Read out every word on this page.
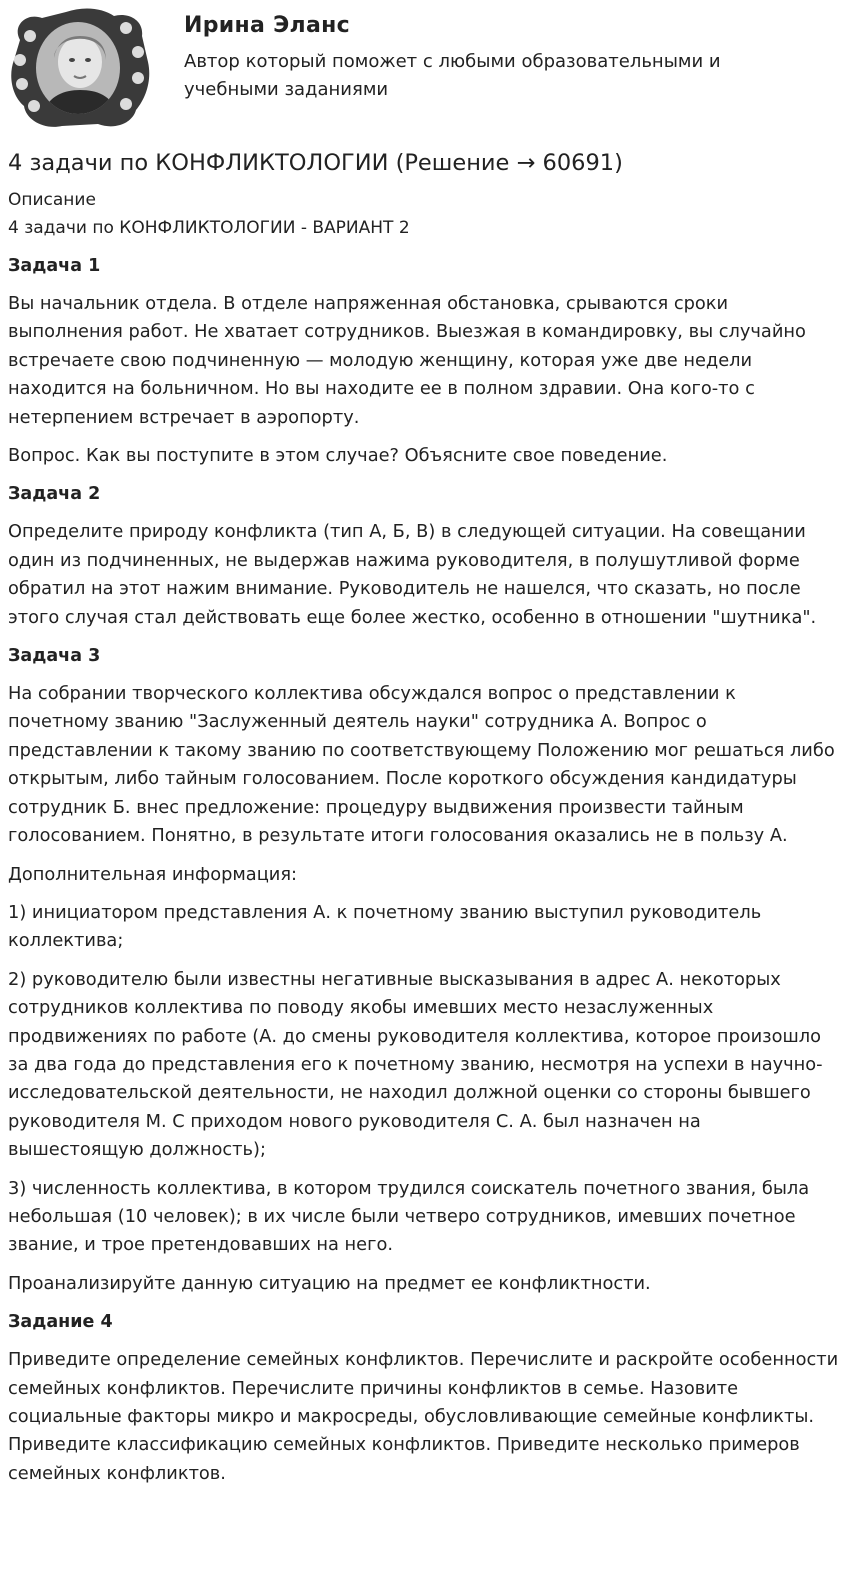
Ирина Эланс

Автор который поможет с любыми образовательными и учебными заданиями

4 задачи по КОНФЛИКТОЛОГИИ (Решение → 60691)

Описание

4 задачи по КОНФЛИКТОЛОГИИ - ВАРИАНТ 2

Задача 1

Вы начальник отдела. В отделе напряженная обстановка, срываются сроки выполнения работ. Не хватает сотрудников. Выезжая в командировку, вы случайно встречаете свою подчиненную — молодую женщину, которая уже две недели находится на больничном. Но вы находите ее в полном здравии. Она кого-то с нетерпением встречает в аэропорту.

Вопрос. Как вы поступите в этом случае? Объясните свое поведение.

Задача 2

Определите природу конфликта (тип А, Б, В) в следующей ситуации. На совещании один из подчиненных, не выдержав нажима руководителя, в полушутливой форме обратил на этот нажим внимание. Руководитель не нашелся, что сказать, но после этого случая стал действовать еще более жестко, особенно в отношении "шутника".

Задача 3

На собрании творческого коллектива обсуждался вопрос о представлении к почетному званию "Заслуженный деятель науки" сотрудника А. Вопрос о представлении к такому званию по соответствующему Положению мог решаться либо открытым, либо тайным голосованием. После короткого обсуждения кандидатуры сотрудник Б. внес предложение: процедуру выдвижения произвести тайным голосованием. Понятно, в результате итоги голосования оказались не в пользу А.

Дополнительная информация:

1) инициатором представления А. к почетному званию выступил руководитель коллектива;

2) руководителю были известны негативные высказывания в адрес А. некоторых сотрудников коллектива по поводу якобы имевших место незаслуженных продвижениях по работе (А. до смены руководителя коллектива, которое произошло за два года до представления его к почетному званию, несмотря на успехи в научно-исследовательской деятельности, не находил должной оценки со стороны бывшего руководителя М. С приходом нового руководителя С. А. был назначен на вышестоящую должность);

3) численность коллектива, в котором трудился соискатель почетного звания, была небольшая (10 человек); в их числе были четверо сотрудников, имевших почетное звание, и трое претендовавших на него.

Проанализируйте данную ситуацию на предмет ее конфликтности.

Задание 4

Приведите определение семейных конфликтов. Перечислите и раскройте особенности семейных конфликтов. Перечислите причины конфликтов в семье. Назовите социальные факторы микро и макросреды, обусловливающие семейные конфликты. Приведите классификацию семейных конфликтов. Приведите несколько примеров семейных конфликтов.
